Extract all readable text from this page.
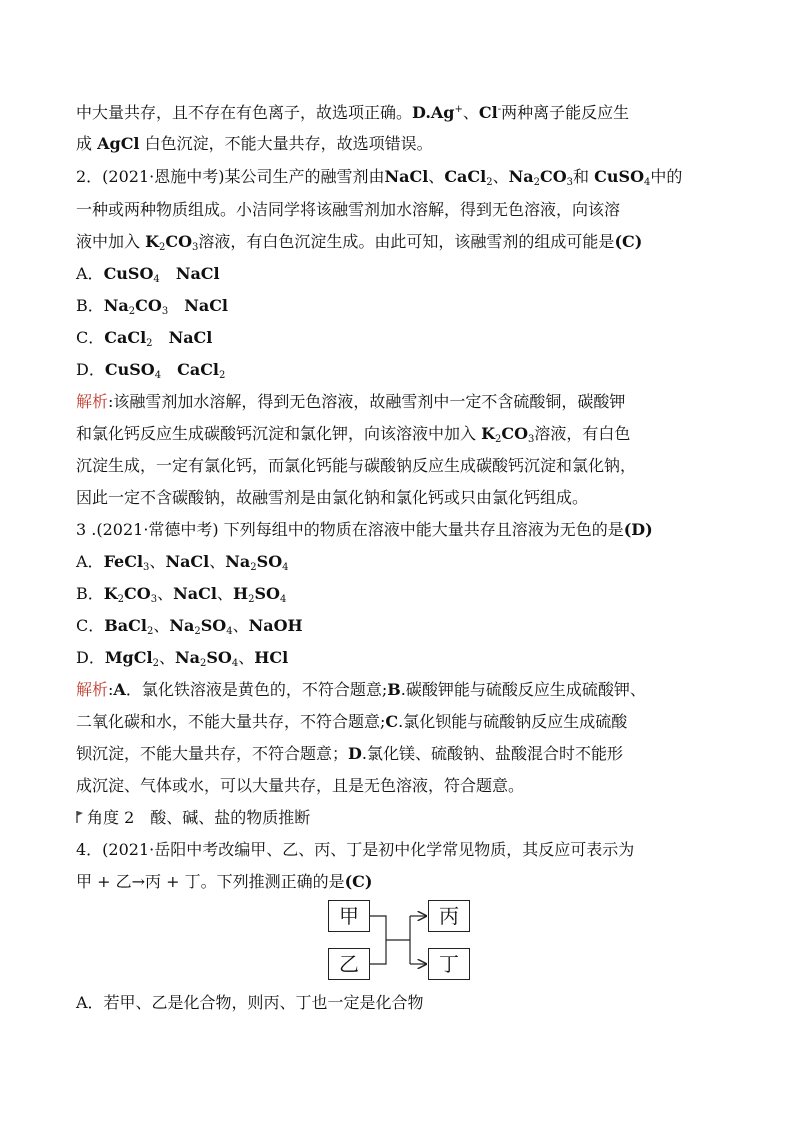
中大量共存，且不存在有色离子，故选项正确。D.Ag+、Cl-两种离子能反应生
成 AgCl 白色沉淀，不能大量共存，故选项错误。
2．(2021·恩施中考)某公司生产的融雪剂由NaCl、CaCl$_2$、$Na_2CO_3$和 CuSO$_4$中的
一种或两种物质组成。小洁同学将该融雪剂加水溶解，得到无色溶液，向该溶
液中加入 $K_2CO_3$溶液，有白色沉淀生成。由此可知，该融雪剂的组成可能是(C)
A．CuSO$_4$　 NaCl
B．$Na_2CO_3$　 NaCl
C．CaCl$_2$　 NaCl
D．CuSO$_4$　 CaCl$_2$
解析:该融雪剂加水溶解，得到无色溶液，故融雪剂中一定不含硫酸铜，碳酸钾
和氯化钙反应生成碳酸钙沉淀和氯化钾，向该溶液中加入 $K_2CO_3$溶液，有白色
沉淀生成，一定有氯化钙，而氯化钙能与碳酸钠反应生成碳酸钙沉淀和氯化钠，
因此一定不含碳酸钠，故融雪剂是由氯化钠和氯化钙或只由氯化钙组成。
3 .(2021·常德中考) 下列每组中的物质在溶液中能大量共存且溶液为无色的是(D)
A．FeCl$_3$、NaCl、$Na_2SO_4$
B．$K_2CO_3$、NaCl、$H_2SO_4$
C．BaCl$_2$、$Na_2SO_4$、NaOH
D．MgCl$_2$、$Na_2SO_4$、HCl
解析:A．氯化铁溶液是黄色的，不符合题意;B.碳酸钾能与硫酸反应生成硫酸钾、
二氧化碳和水，不能大量共存，不符合题意;C.氯化钡能与硫酸钠反应生成硫酸
钡沉淀，不能大量共存，不符合题意；D.氯化镁、硫酸钠、盐酸混合时不能形
成沉淀、气体或水，可以大量共存，且是无色溶液，符合题意。
角度 2　酸、碱、盐的物质推断
4．(2021·岳阳中考改编甲、乙、丙、丁是初中化学常见物质，其反应可表示为
甲 + 乙→丙 + 丁。下列推测正确的是(C)
甲
乙
丙
丁
A．若甲、乙是化合物，则丙、丁也一定是化合物
